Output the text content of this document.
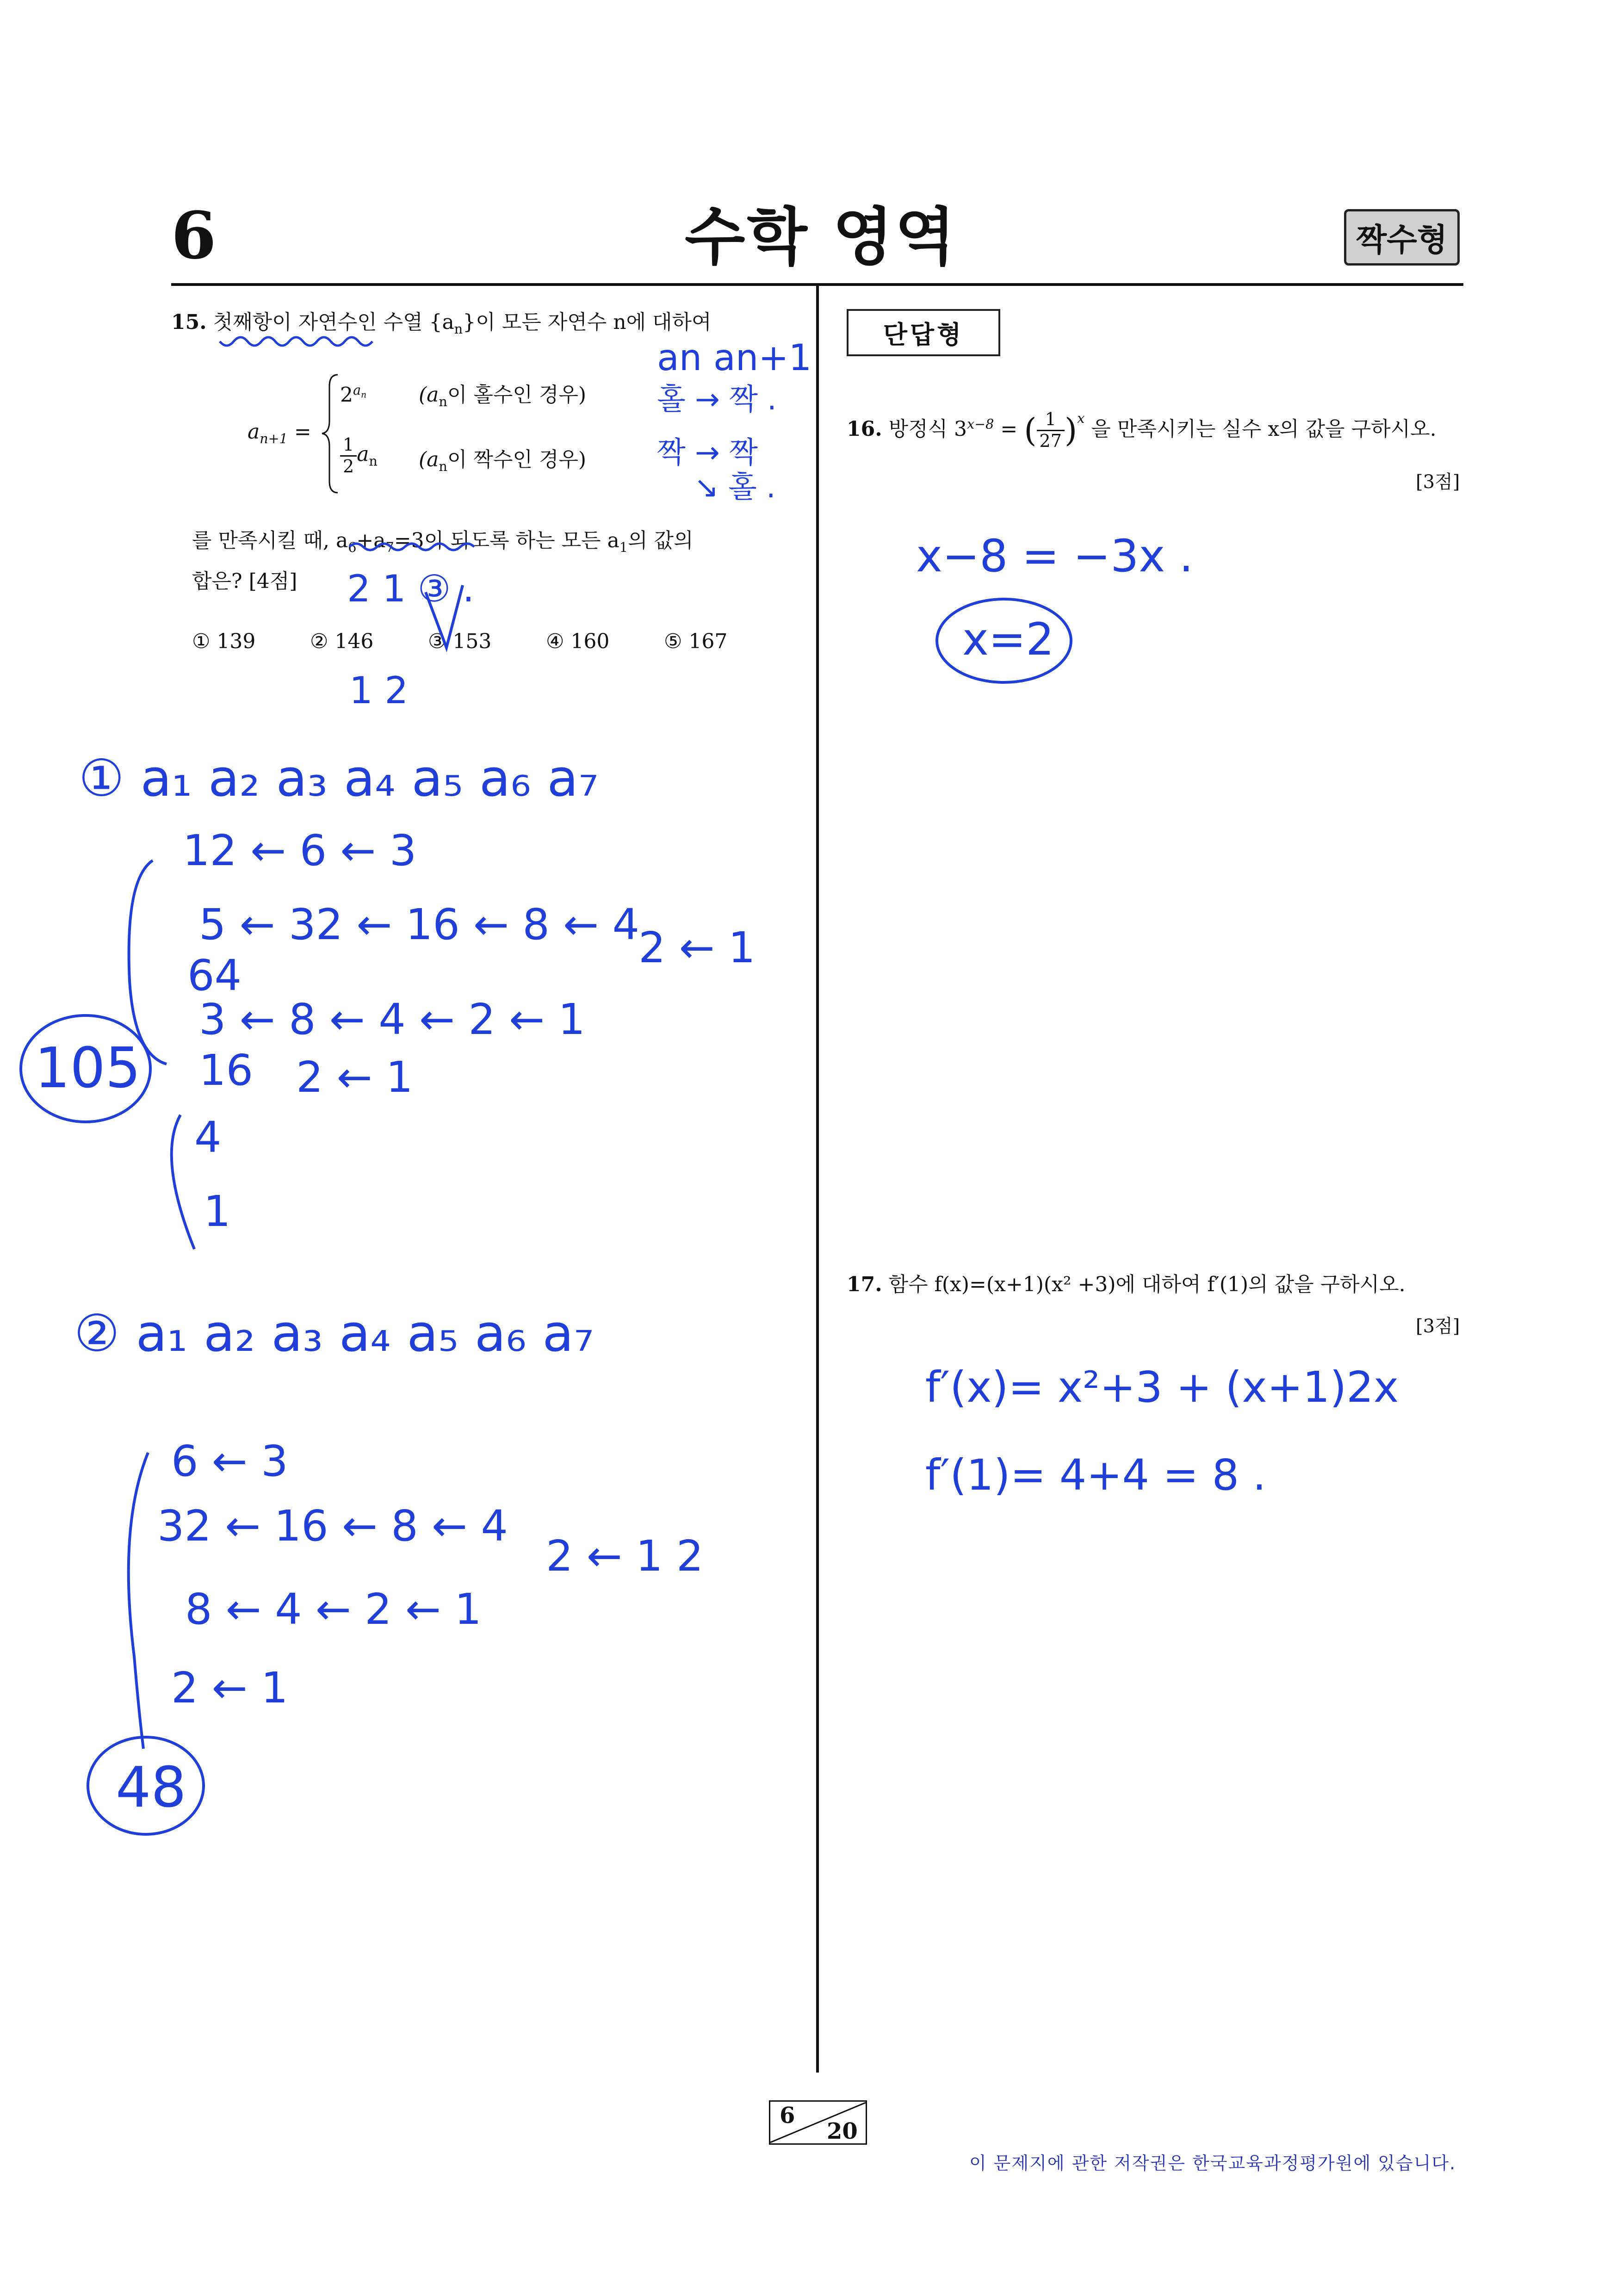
6	수학 영역	짝수형
15. 첫째항이 자연수인 수열 $\{a_n\}$이 모든 자연수 n에 대하여
$a_{n+1}$ =
$2^{a_n}$	($a_n$이 홀수인 경우)
$\frac{1}{2} a_n$ ($a_n$이 짝수인 경우)
를 만족시킬 때, $a_6+a_7=3$이 되도록 하는 모든 $a_1$의 값의
합은? [4점]
① 139	② 146	③ 153	④ 160	⑤ 167
단답형
16. 방정식 $3^{x-8}$ = ( $\frac{1}{27} )^x$ 을 만족시키는 실수 x의 값을 구하시오.
[3점]
17. 함수 f(x)=(x+1)(x² +3)에 대하여 f′(1)의 값을 구하시오.
[3점]
6
20
이 문제지에 관한 저작권은 한국교육과정평가원에 있습니다.
an an+1
홀 → 짝 .
짝 → 짝
↘ 홀 .
2 1 ③ .
1 2
① a₁ a₂ a₃ a₄ a₅ a₆ a₇
12 ← 6 ← 3
5 ← 32 ← 16 ← 8 ← 4
2 ← 1
64
3 ← 8 ← 4 ← 2 ← 1
16 2 ← 1
4
1
105
② a₁ a₂ a₃ a₄ a₅ a₆ a₇
6 ← 3
32 ← 16 ← 8 ← 4
2 ← 1 2
8 ← 4 ← 2 ← 1
2 ← 1
48
x−8 = −3x .
x=2
f′(x)= x²+3 + (x+1)2x
f′(1)= 4+4 = 8 .
